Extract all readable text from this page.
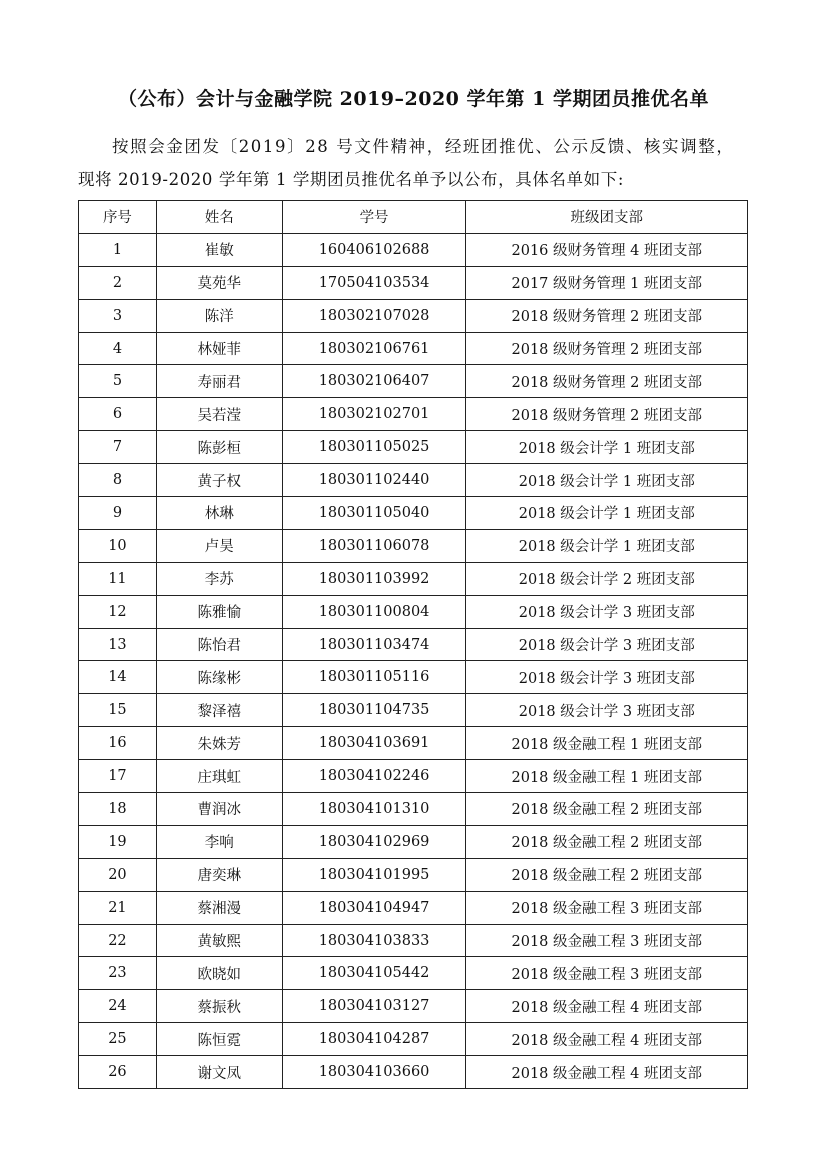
（公布）会计与金融学院 2019–2020 学年第 1 学期团员推优名单
按照会金团发〔2019〕28 号文件精神，经班团推优、公示反馈、核实调整，
现将 2019-2020 学年第 1 学期团员推优名单予以公布，具体名单如下:
序号	姓名	学号	班级团支部
1	崔敏	160406102688	2016 级财务管理 4 班团支部
2	莫苑华	170504103534	2017 级财务管理 1 班团支部
3	陈洋	180302107028	2018 级财务管理 2 班团支部
4	林娅菲	180302106761	2018 级财务管理 2 班团支部
5	寿丽君	180302106407	2018 级财务管理 2 班团支部
6	吴若滢	180302102701	2018 级财务管理 2 班团支部
7	陈彭桓	180301105025	2018 级会计学 1 班团支部
8	黄子权	180301102440	2018 级会计学 1 班团支部
9	林琳	180301105040	2018 级会计学 1 班团支部
10	卢昊	180301106078	2018 级会计学 1 班团支部
11	李苏	180301103992	2018 级会计学 2 班团支部
12	陈雅愉	180301100804	2018 级会计学 3 班团支部
13	陈怡君	180301103474	2018 级会计学 3 班团支部
14	陈缘彬	180301105116	2018 级会计学 3 班团支部
15	黎泽禧	180301104735	2018 级会计学 3 班团支部
16	朱姝芳	180304103691	2018 级金融工程 1 班团支部
17	庄琪虹	180304102246	2018 级金融工程 1 班团支部
18	曹润冰	180304101310	2018 级金融工程 2 班团支部
19	李响	180304102969	2018 级金融工程 2 班团支部
20	唐奕琳	180304101995	2018 级金融工程 2 班团支部
21	蔡湘漫	180304104947	2018 级金融工程 3 班团支部
22	黄敏熙	180304103833	2018 级金融工程 3 班团支部
23	欧晓如	180304105442	2018 级金融工程 3 班团支部
24	蔡振秋	180304103127	2018 级金融工程 4 班团支部
25	陈恒霓	180304104287	2018 级金融工程 4 班团支部
26	谢文凤	180304103660	2018 级金融工程 4 班团支部
